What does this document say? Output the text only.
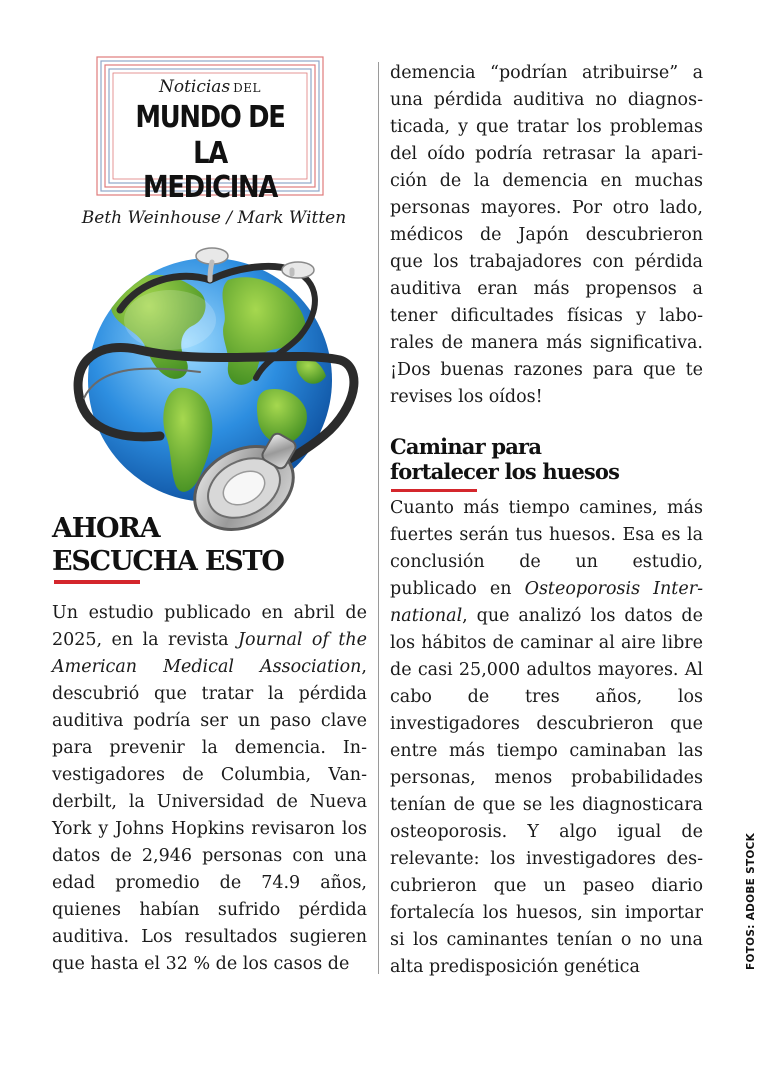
Noticias DEL
MUNDO DE
LA MEDICINA
Beth Weinhouse / Mark Witten
AHORA
ESCUCHA ESTO

Un estudio publicado en abril de 2025, en la revista Journal of the American Medical Association, descubrió que tratar la pérdida auditiva podría ser un paso clave para prevenir la demencia. Investigadores de Columbia, Vanderbilt, la Universidad de Nueva York y Johns Hopkins revisaron los datos de 2,946 personas con una edad promedio de 74.9 años, quienes habían sufrido pérdida auditiva. Los resultados sugieren que hasta el 32 % de los casos de

demencia “podrían atribuirse” a una pérdida auditiva no diagnosticada, y que tratar los problemas del oído podría retrasar la aparición de la demencia en muchas personas mayores. Por otro lado, médicos de Japón descubrieron que los trabajadores con pérdida auditiva eran más propensos a tener dificultades físicas y laborales de manera más significativa. ¡Dos buenas razones para que te revises los oídos!

Caminar para
fortalecer los huesos

Cuanto más tiempo camines, más fuertes serán tus huesos. Esa es la conclusión de un estudio, publicado en Osteoporosis International, que analizó los datos de los hábitos de caminar al aire libre de casi 25,000 adultos mayores. Al cabo de tres años, los investigadores descubrieron que entre más tiempo caminaban las personas, menos probabilidades tenían de que se les diagnosticara osteoporosis. Y algo igual de relevante: los investigadores descubrieron que un paseo diario fortalecía los huesos, sin importar si los caminantes tenían o no una alta predisposición genética	FOTOS: ADOBE STOCK
